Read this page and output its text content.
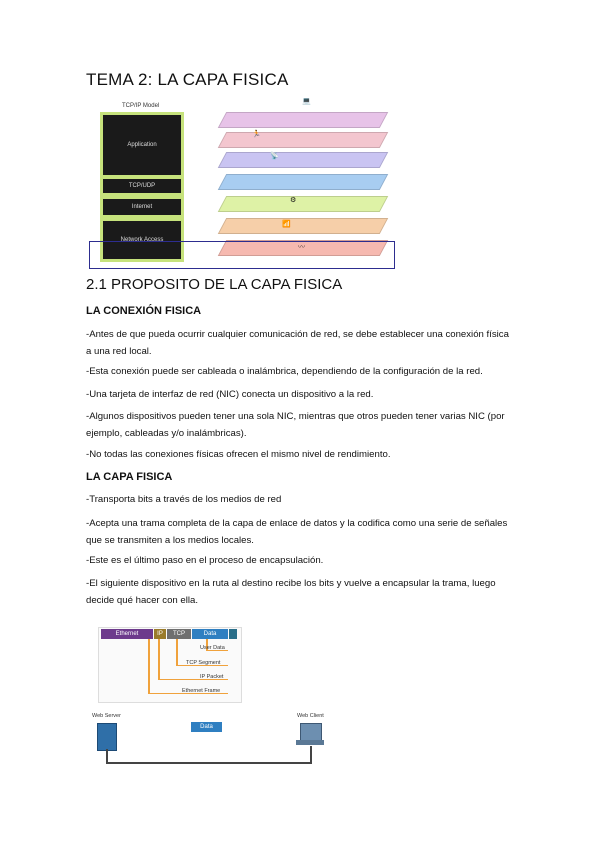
TEMA 2: LA CAPA FISICA
TCP/IP Model
Application
TCP/UDP
Internet
Network Access
💻
🏃
📡
⚙
📶
〰
2.1 PROPOSITO DE LA CAPA FISICA
LA CONEXIÓN FISICA

-Antes de que pueda ocurrir cualquier comunicación de red, se debe establecer una conexión física a una red local.

-Esta conexión puede ser cableada o inalámbrica, dependiendo de la configuración de la red.

-Una tarjeta de interfaz de red (NIC) conecta un dispositivo a la red.

-Algunos dispositivos pueden tener una sola NIC, mientras que otros pueden tener varias NIC (por ejemplo, cableadas y/o inalámbricas).

-No todas las conexiones físicas ofrecen el mismo nivel de rendimiento.

LA CAPA FISICA

-Transporta bits a través de los medios de red

-Acepta una trama completa de la capa de enlace de datos y la codifica como una serie de señales que se transmiten a los medios locales.

-Este es el último paso en el proceso de encapsulación.

-El siguiente dispositivo en la ruta al destino recibe los bits y vuelve a encapsular la trama, luego decide qué hacer con ella.

Ethernet	IP	TCP	Data
User Data
TCP Segment
IP Packet
Ethernet Frame
Web Server	Web Client
Data
